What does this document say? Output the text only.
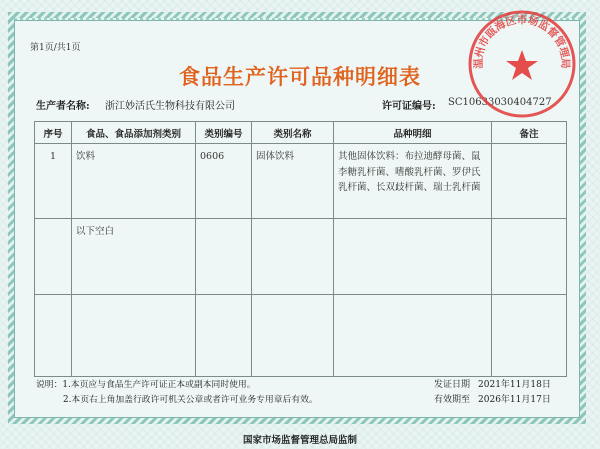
第1页/共1页
食品生产许可品种明细表
生产者名称: 浙江妙活氏生物科技有限公司	许可证编号: SC10633030404727
序号	食品、食品添加剂类别	类别编号	类别名称	品种明细	备注
1	饮料	0606	固体饮料	其他固体饮料：布拉迪酵母菌、鼠李糖乳杆菌、嗜酸乳杆菌、罗伊氏乳杆菌、长双歧杆菌、瑞士乳杆菌	
	以下空白				

说明：1.本页应与食品生产许可证正本或副本同时使用。
2.本页右上角加盖行政许可机关公章或者许可业务专用章后有效。
发证日期 2021年11月18日
有效期至 2026年11月17日
国家市场监督管理总局监制
温州市瓯海区市场监督管理局
